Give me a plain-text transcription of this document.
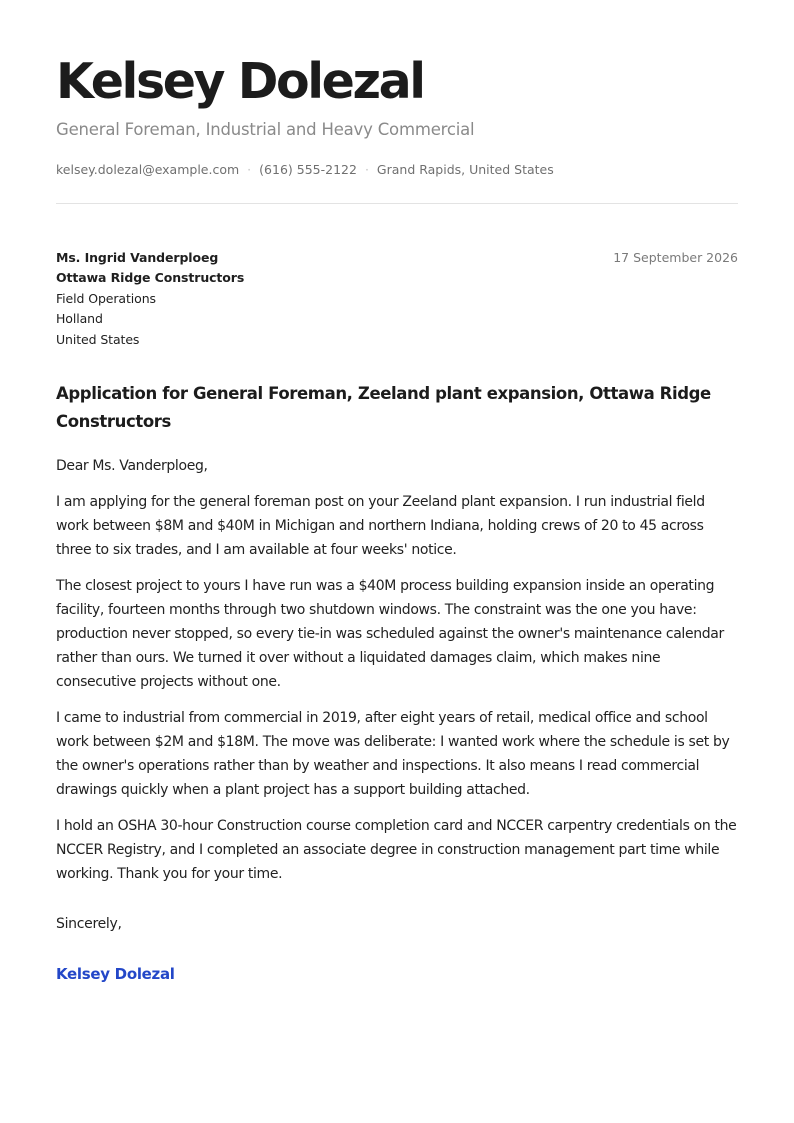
Kelsey Dolezal
General Foreman, Industrial and Heavy Commercial
kelsey.dolezal@example.com · (616) 555-2122 · Grand Rapids, United States
Ms. Ingrid Vanderploeg
Ottawa Ridge Constructors
Field Operations
Holland
United States
17 September 2026
Application for General Foreman, Zeeland plant expansion, Ottawa Ridge Constructors

Dear Ms. Vanderploeg,

I am applying for the general foreman post on your Zeeland plant expansion. I run industrial field work between $8M and $40M in Michigan and northern Indiana, holding crews of 20 to 45 across three to six trades, and I am available at four weeks' notice.

The closest project to yours I have run was a $40M process building expansion inside an operating facility, fourteen months through two shutdown windows. The constraint was the one you have: production never stopped, so every tie-in was scheduled against the owner's maintenance calendar rather than ours. We turned it over without a liquidated damages claim, which makes nine consecutive projects without one.

I came to industrial from commercial in 2019, after eight years of retail, medical office and school work between $2M and $18M. The move was deliberate: I wanted work where the schedule is set by the owner's operations rather than by weather and inspections. It also means I read commercial drawings quickly when a plant project has a support building attached.

I hold an OSHA 30-hour Construction course completion card and NCCER carpentry credentials on the NCCER Registry, and I completed an associate degree in construction management part time while working. Thank you for your time.

Sincerely,
Kelsey Dolezal
